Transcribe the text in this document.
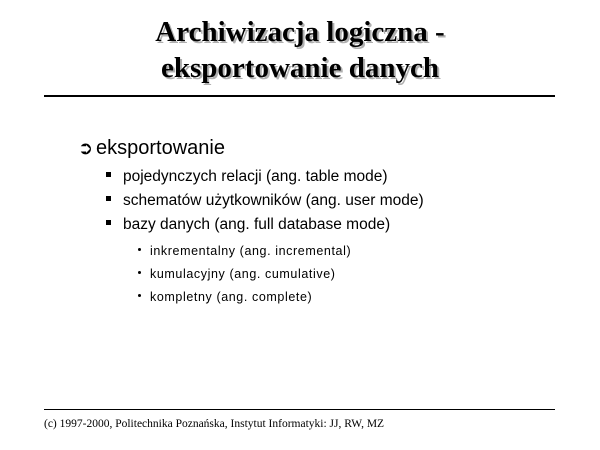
Archiwizacja logiczna -
eksportowanie danych
➲ eksportowanie
pojedynczych relacji (ang. table mode)
schematów użytkowników (ang. user mode)
bazy danych (ang. full database mode)
inkrementalny (ang. incremental)
kumulacyjny (ang. cumulative)
kompletny (ang. complete)
(c) 1997-2000, Politechnika Poznańska, Instytut Informatyki: JJ, RW, MZ
